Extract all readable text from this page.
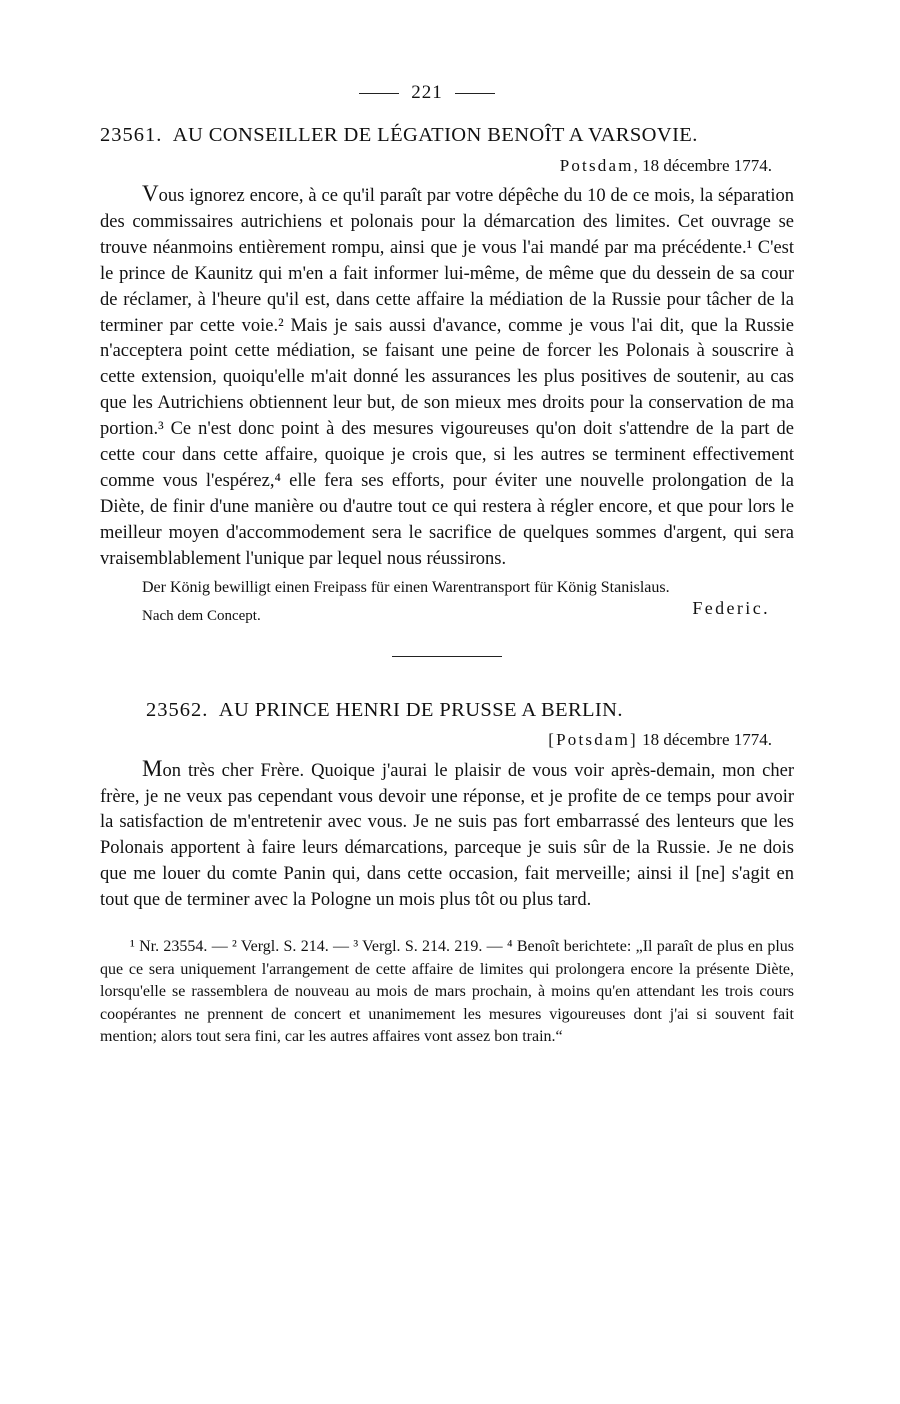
221
23561. AU CONSEILLER DE LÉGATION BENOÎT A VARSOVIE.
Potsdam, 18 décembre 1774.

Vous ignorez encore, à ce qu'il paraît par votre dépêche du 10 de ce mois, la séparation des commissaires autrichiens et polonais pour la démarcation des limites. Cet ouvrage se trouve néanmoins entièrement rompu, ainsi que je vous l'ai mandé par ma précédente.¹ C'est le prince de Kaunitz qui m'en a fait informer lui-même, de même que du dessein de sa cour de réclamer, à l'heure qu'il est, dans cette affaire la médiation de la Russie pour tâcher de la terminer par cette voie.² Mais je sais aussi d'avance, comme je vous l'ai dit, que la Russie n'acceptera point cette médiation, se faisant une peine de forcer les Polonais à souscrire à cette extension, quoiqu'elle m'ait donné les assurances les plus positives de soutenir, au cas que les Autrichiens obtiennent leur but, de son mieux mes droits pour la conservation de ma portion.³ Ce n'est donc point à des mesures vigoureuses qu'on doit s'attendre de la part de cette cour dans cette affaire, quoique je crois que, si les autres se terminent effectivement comme vous l'espérez,⁴ elle fera ses efforts, pour éviter une nouvelle prolongation de la Diète, de finir d'une manière ou d'autre tout ce qui restera à régler encore, et que pour lors le meilleur moyen d'accommodement sera le sacrifice de quelques sommes d'argent, qui sera vraisemblablement l'unique par lequel nous réussirons.

Der König bewilligt einen Freipass für einen Warentransport für König Stanislaus.

Nach dem Concept.	Federic.
23562. AU PRINCE HENRI DE PRUSSE A BERLIN.
[Potsdam] 18 décembre 1774.

Mon très cher Frère. Quoique j'aurai le plaisir de vous voir après-demain, mon cher frère, je ne veux pas cependant vous devoir une réponse, et je profite de ce temps pour avoir la satisfaction de m'entretenir avec vous. Je ne suis pas fort embarrassé des lenteurs que les Polonais apportent à faire leurs démarcations, parceque je suis sûr de la Russie. Je ne dois que me louer du comte Panin qui, dans cette occasion, fait merveille; ainsi il [ne] s'agit en tout que de terminer avec la Pologne un mois plus tôt ou plus tard.

¹ Nr. 23554. — ² Vergl. S. 214. — ³ Vergl. S. 214. 219. — ⁴ Benoît berichtete: „Il paraît de plus en plus que ce sera uniquement l'arrangement de cette affaire de limites qui prolongera encore la présente Diète, lorsqu'elle se rassemblera de nouveau au mois de mars prochain, à moins qu'en attendant les trois cours coopérantes ne prennent de concert et unanimement les mesures vigoureuses dont j'ai si souvent fait mention; alors tout sera fini, car les autres affaires vont assez bon train.“
